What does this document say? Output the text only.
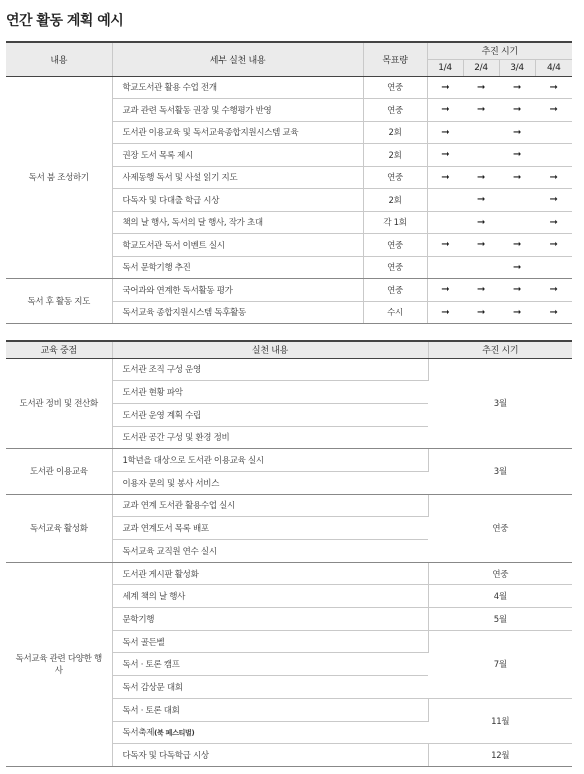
연간 활동 계획 예시
내용	세부 실천 내용	목표량	추진 시기			
			1/4	2/4	3/4	4/4
독서 붐 조성하기	학교도서관 활용 수업 전개	연중	➞	➞	➞	➞
	교과 관련 독서활동 권장 및 수행평가 반영	연중	➞	➞	➞	➞
	도서관 이용교육 및 독서교육종합지원시스템 교육	2회	➞		➞	
	권장 도서 목록 제시	2회	➞		➞	
	사제동행 독서 및 사설 읽기 지도	연중	➞	➞	➞	➞
	다독자 및 다대출 학급 시상	2회		➞		➞
	책의 날 행사, 독서의 달 행사, 작가 초대	각 1회		➞		➞
	학교도서관 독서 이벤트 실시	연중	➞	➞	➞	➞
	독서 문학기행 추진	연중			➞	
독서 후 활동 지도	국어과와 연계한 독서활동 평가	연중	➞	➞	➞	➞
	독서교육 종합지원시스템 독후활동	수시	➞	➞	➞	➞
교육 중점	실천 내용	추진 시기
도서관 정비 및 전산화	도서관 조직 구성 운영	3월
	도서관 현황 파악	
	도서관 운영 계획 수립	
	도서관 공간 구성 및 환경 정비	
도서관 이용교육	1학년을 대상으로 도서관 이용교육 실시	3월
	이용자 문의 및 봉사 서비스	
독서교육 활성화	교과 연계 도서관 활용수업 실시	연중
	교과 연계도서 목록 배포	
	독서교육 교직원 연수 실시	
독서교육 관련 다양한 행사	도서관 게시판 활성화	연중
	세계 책의 날 행사	4월
	문학기행	5월
	독서 골든벨	7월
	독서 · 토론 캠프	
	독서 감상문 대회	
	독서 · 토론 대회	11월
	독서축제(북 페스티벌)	
	다독자 및 다독학급 시상	12월
